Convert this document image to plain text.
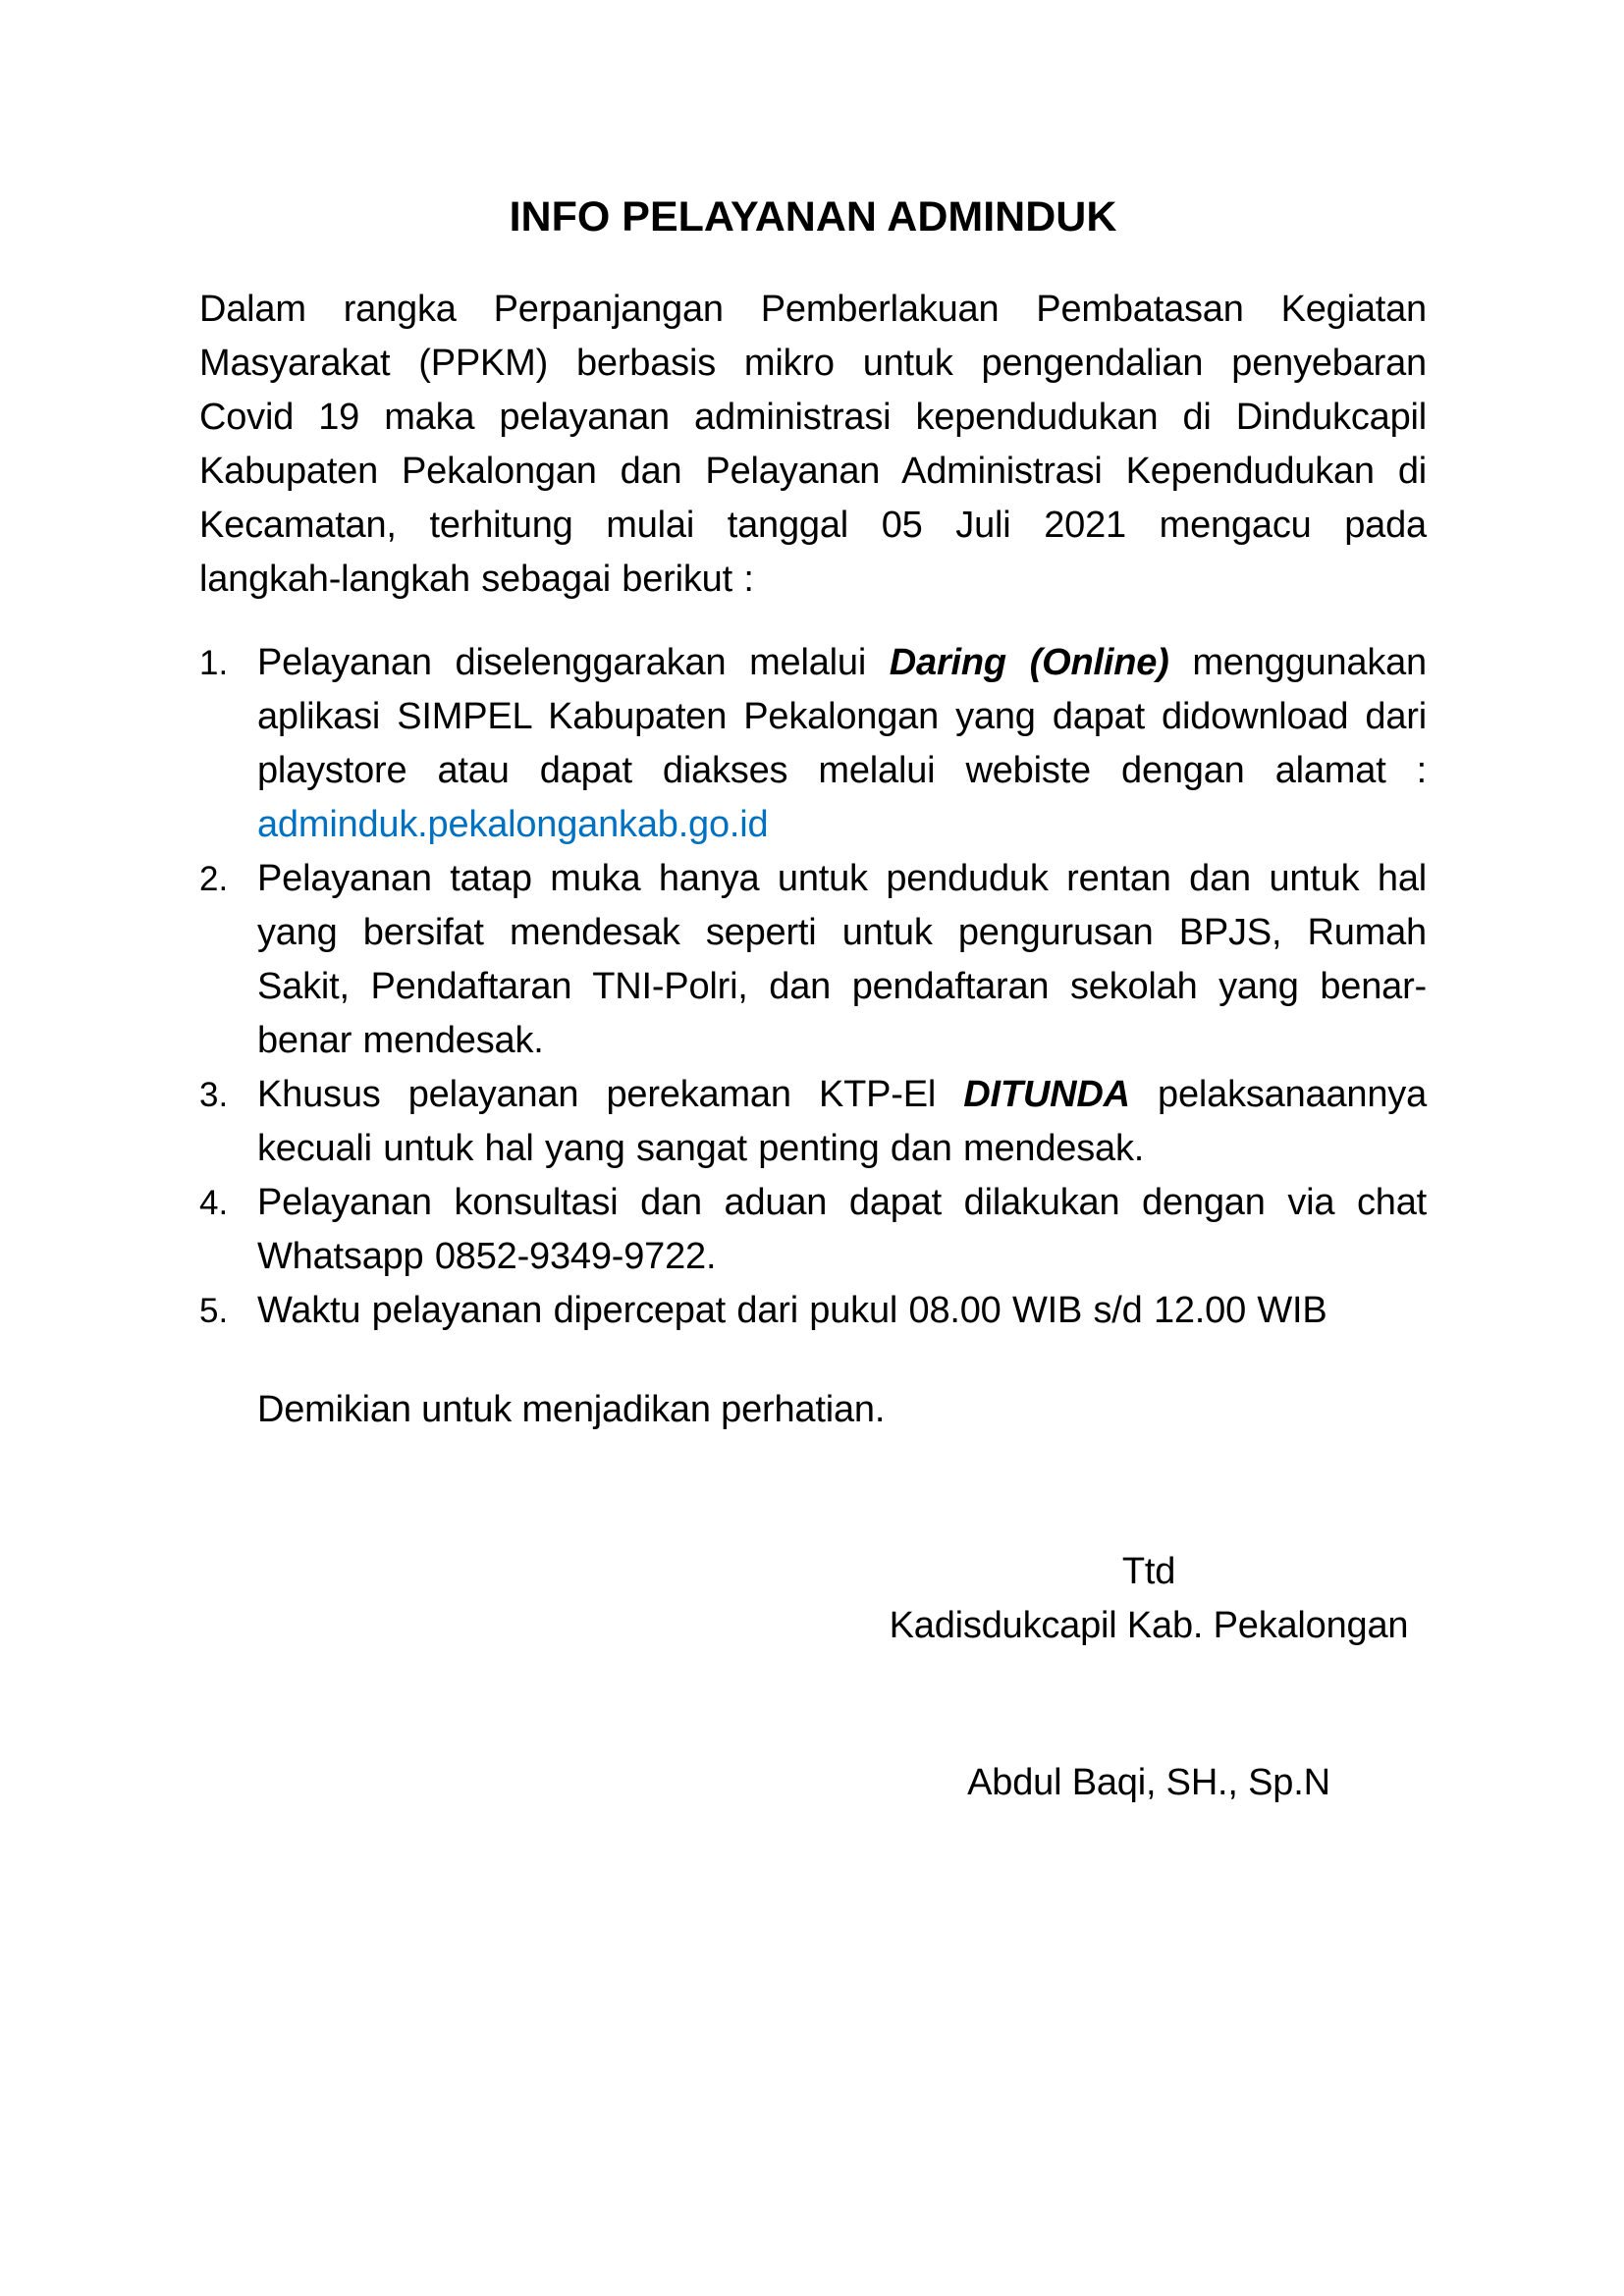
INFO PELAYANAN ADMINDUK
Dalam rangka Perpanjangan Pemberlakuan Pembatasan Kegiatan
Masyarakat (PPKM) berbasis mikro untuk pengendalian penyebaran
Covid 19 maka pelayanan administrasi kependudukan di Dindukcapil
Kabupaten Pekalongan dan Pelayanan Administrasi Kependudukan di
Kecamatan, terhitung mulai tanggal 05 Juli 2021 mengacu pada
langkah-langkah sebagai berikut :
1. Pelayanan diselenggarakan melalui Daring (Online) menggunakan
aplikasi SIMPEL Kabupaten Pekalongan yang dapat didownload dari
playstore atau dapat diakses melalui webiste dengan alamat :
adminduk.pekalongankab.go.id
2. Pelayanan tatap muka hanya untuk penduduk rentan dan untuk hal
yang bersifat mendesak seperti untuk pengurusan BPJS, Rumah
Sakit, Pendaftaran TNI-Polri, dan pendaftaran sekolah yang benar-
benar mendesak.
3. Khusus pelayanan perekaman KTP-El DITUNDA pelaksanaannya
kecuali untuk hal yang sangat penting dan mendesak.
4. Pelayanan konsultasi dan aduan dapat dilakukan dengan via chat
Whatsapp 0852-9349-9722.
5. Waktu pelayanan dipercepat dari pukul 08.00 WIB s/d 12.00 WIB
Demikian untuk menjadikan perhatian.
Ttd
Kadisdukcapil Kab. Pekalongan
Abdul Baqi, SH., Sp.N
